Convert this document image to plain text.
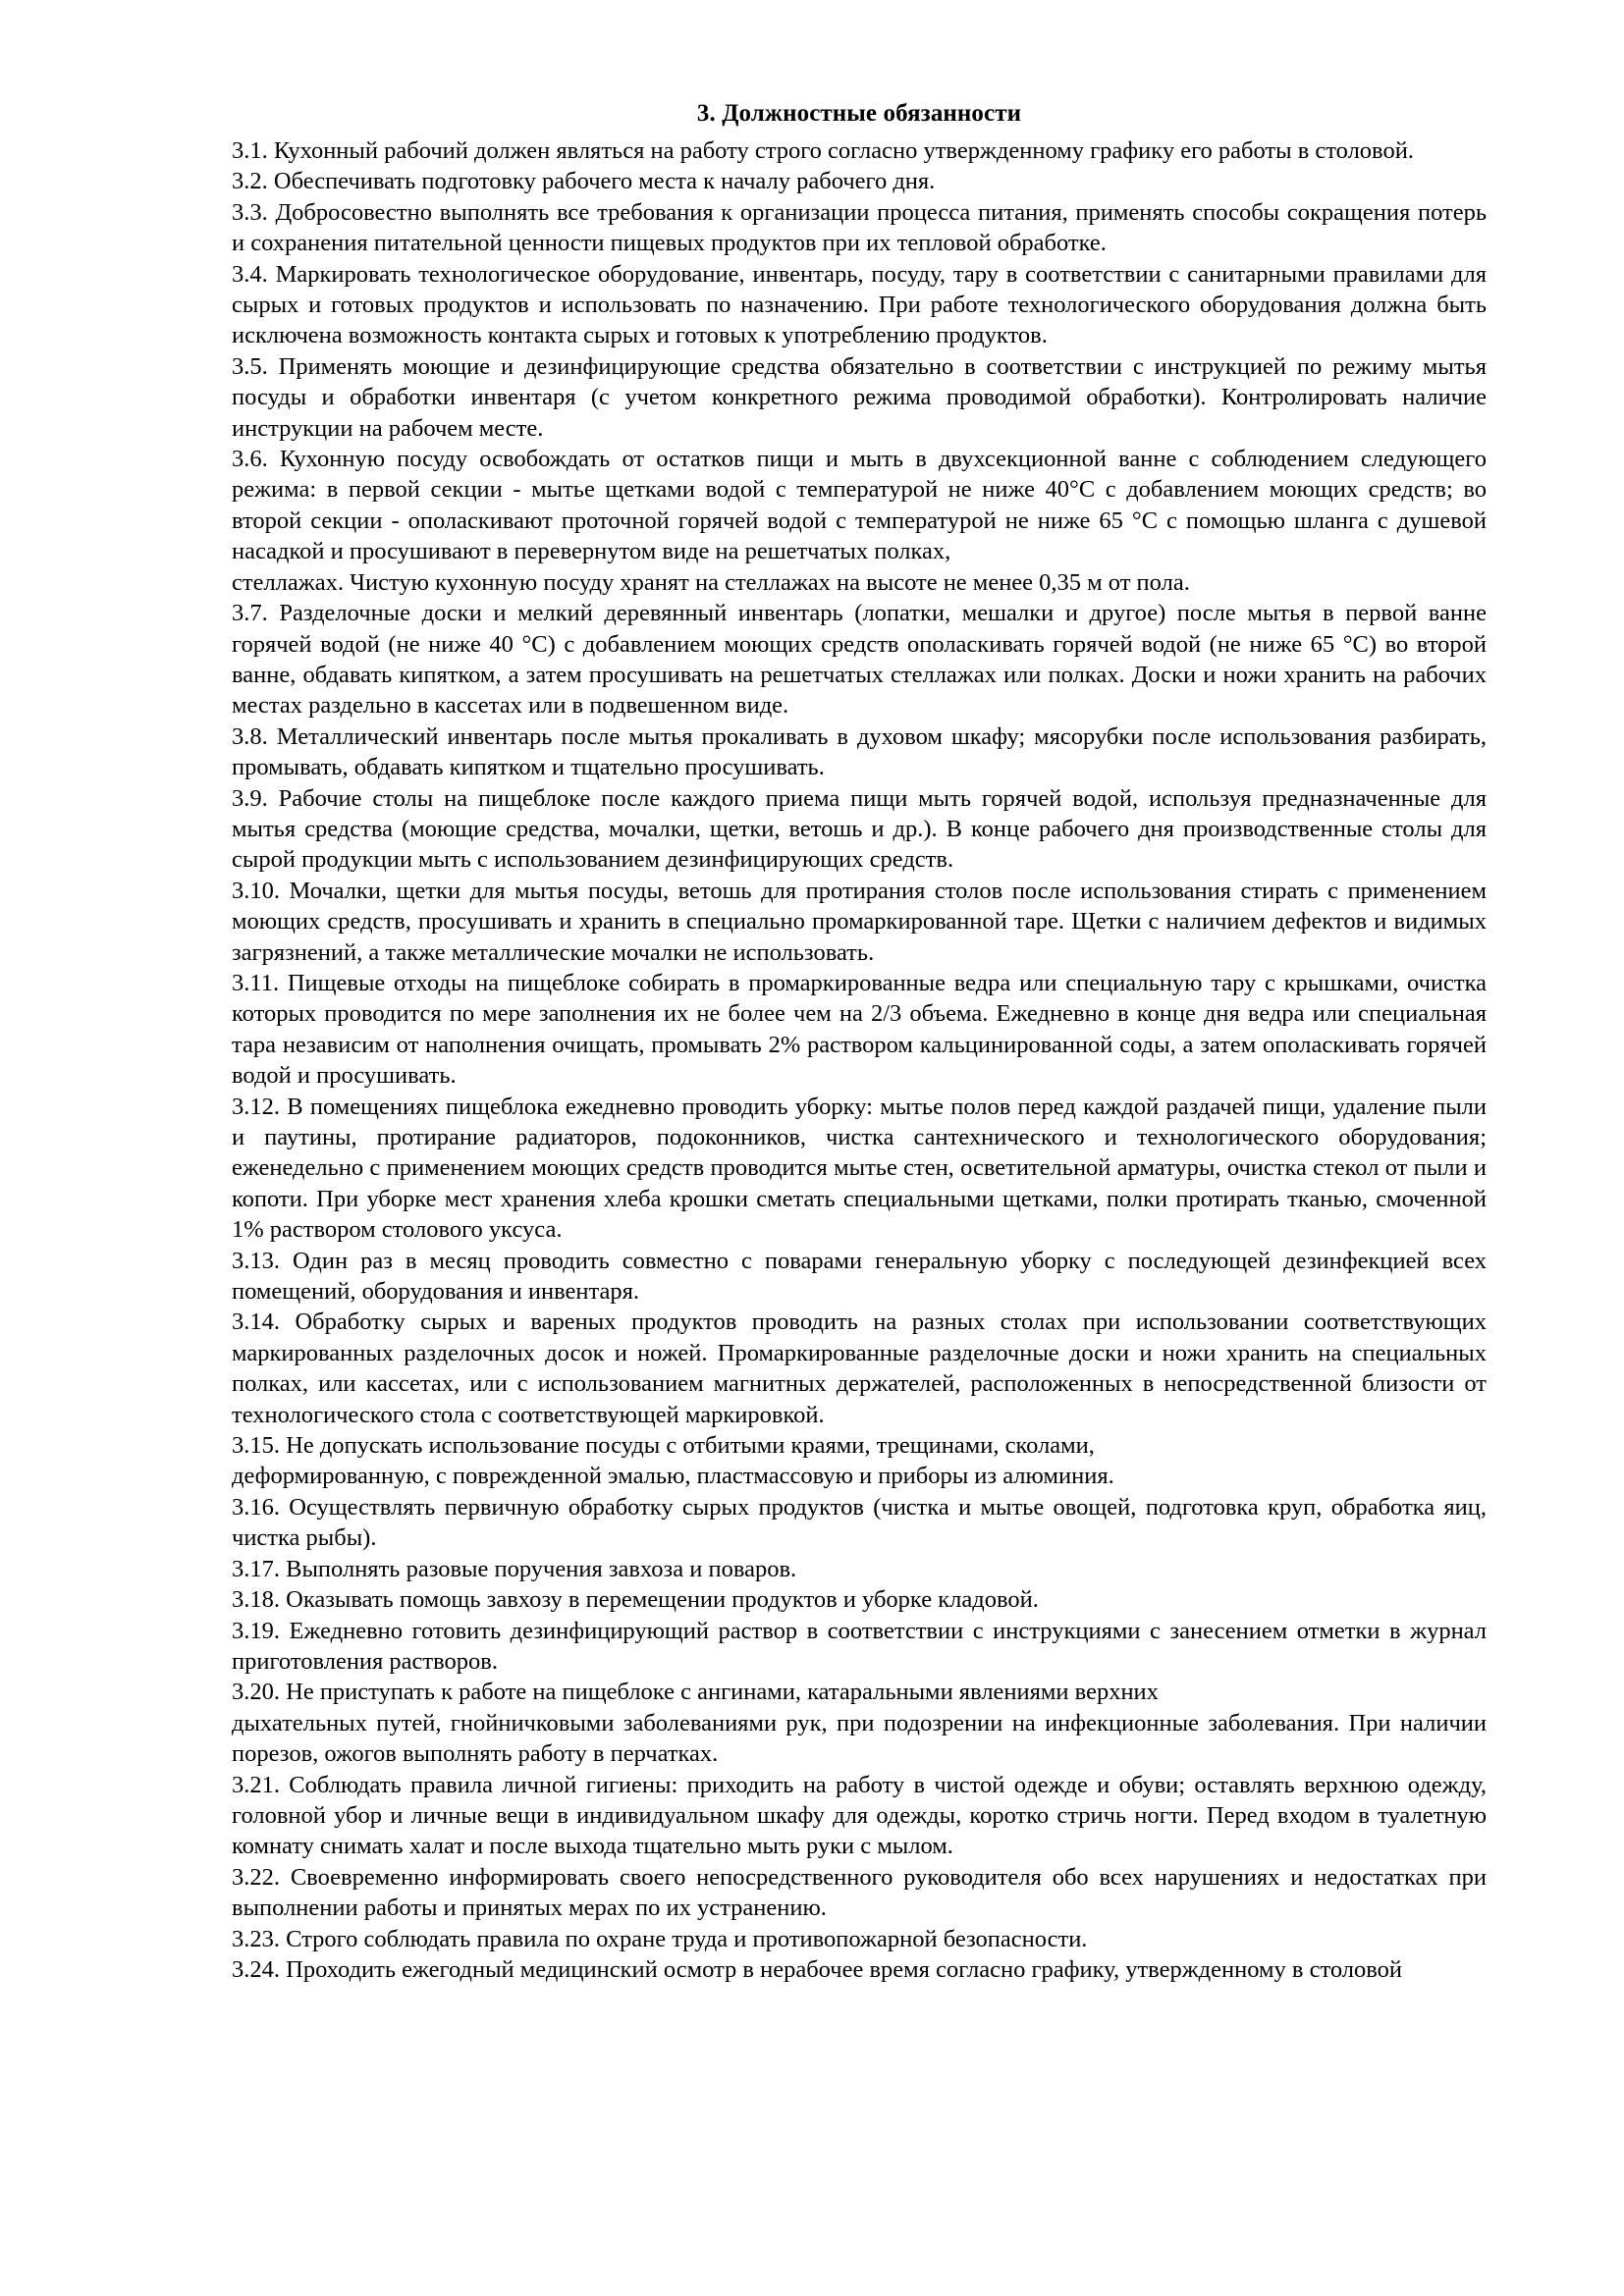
3. Должностные обязанности

3.1. Кухонный рабочий должен являться на работу строго согласно утвержденному графику его работы в столовой.

3.2. Обеспечивать подготовку рабочего места к началу рабочего дня.

3.3. Добросовестно выполнять все требования к организации процесса питания, применять способы сокращения потерь и сохранения питательной ценности пищевых продуктов при их тепловой обработке.

3.4. Маркировать технологическое оборудование, инвентарь, посуду, тару в соответствии с санитарными правилами для сырых и готовых продуктов и использовать по назначению. При работе технологического оборудования должна быть исключена возможность контакта сырых и готовых к употреблению продуктов.

3.5. Применять моющие и дезинфицирующие средства обязательно в соответствии с инструкцией по режиму мытья посуды и обработки инвентаря (с учетом конкретного режима проводимой обработки). Контролировать наличие инструкции на рабочем месте.

3.6. Кухонную посуду освобождать от остатков пищи и мыть в двухсекционной ванне с соблюдением следующего режима: в первой секции - мытье щетками водой с температурой не ниже 40°С с добавлением моющих средств; во второй секции - ополаскивают проточной горячей водой с температурой не ниже 65 °С с помощью шланга с душевой насадкой и просушивают в перевернутом виде на решетчатых полках,

стеллажах. Чистую кухонную посуду хранят на стеллажах на высоте не менее 0,35 м от пола.

3.7. Разделочные доски и мелкий деревянный инвентарь (лопатки, мешалки и другое) после мытья в первой ванне горячей водой (не ниже 40 °С) с добавлением моющих средств ополаскивать горячей водой (не ниже 65 °С) во второй ванне, обдавать кипятком, а затем просушивать на решетчатых стеллажах или полках. Доски и ножи хранить на рабочих местах раздельно в кассетах или в подвешенном виде.

3.8. Металлический инвентарь после мытья прокаливать в духовом шкафу; мясорубки после использования разбирать, промывать, обдавать кипятком и тщательно просушивать.

3.9. Рабочие столы на пищеблоке после каждого приема пищи мыть горячей водой, используя предназначенные для мытья средства (моющие средства, мочалки, щетки, ветошь и др.). В конце рабочего дня производственные столы для сырой продукции мыть с использованием дезинфицирующих средств.

3.10. Мочалки, щетки для мытья посуды, ветошь для протирания столов после использования стирать с применением моющих средств, просушивать и хранить в специально промаркированной таре. Щетки с наличием дефектов и видимых загрязнений, а также металлические мочалки не использовать.

3.11. Пищевые отходы на пищеблоке собирать в промаркированные ведра или специальную тару с крышками, очистка которых проводится по мере заполнения их не более чем на 2/3 объема. Ежедневно в конце дня ведра или специальная тара независим от наполнения очищать, промывать 2% раствором кальцинированной соды, а затем ополаскивать горячей водой и просушивать.

3.12. В помещениях пищеблока ежедневно проводить уборку: мытье полов перед каждой раздачей пищи, удаление пыли и паутины, протирание радиаторов, подоконников, чистка сантехнического и технологического оборудования; еженедельно с применением моющих средств проводится мытье стен, осветительной арматуры, очистка стекол от пыли и копоти. При уборке мест хранения хлеба крошки сметать специальными щетками, полки протирать тканью, смоченной 1% раствором столового уксуса.

3.13. Один раз в месяц проводить совместно с поварами генеральную уборку с последующей дезинфекцией всех помещений, оборудования и инвентаря.

3.14. Обработку сырых и вареных продуктов проводить на разных столах при использовании соответствующих маркированных разделочных досок и ножей. Промаркированные разделочные доски и ножи хранить на специальных полках, или кассетах, или с использованием магнитных держателей, расположенных в непосредственной близости от технологического стола с соответствующей маркировкой.

3.15. Не допускать использование посуды с отбитыми краями, трещинами, сколами,

деформированную, с поврежденной эмалью, пластмассовую и приборы из алюминия.

3.16. Осуществлять первичную обработку сырых продуктов (чистка и мытье овощей, подготовка круп, обработка яиц, чистка рыбы).

3.17. Выполнять разовые поручения завхоза и поваров.

3.18. Оказывать помощь завхозу в перемещении продуктов и уборке кладовой.

3.19. Ежедневно готовить дезинфицирующий раствор в соответствии с инструкциями с занесением отметки в журнал приготовления растворов.

3.20. Не приступать к работе на пищеблоке с ангинами, катаральными явлениями верхних

дыхательных путей, гнойничковыми заболеваниями рук, при подозрении на инфекционные заболевания. При наличии порезов, ожогов выполнять работу в перчатках.

3.21. Соблюдать правила личной гигиены: приходить на работу в чистой одежде и обуви; оставлять верхнюю одежду, головной убор и личные вещи в индивидуальном шкафу для одежды, коротко стричь ногти. Перед входом в туалетную комнату снимать халат и после выхода тщательно мыть руки с мылом.

3.22. Своевременно информировать своего непосредственного руководителя обо всех нарушениях и недостатках при выполнении работы и принятых мерах по их устранению.

3.23. Строго соблюдать правила по охране труда и противопожарной безопасности.

3.24. Проходить ежегодный медицинский осмотр в нерабочее время согласно графику, утвержденному в столовой
